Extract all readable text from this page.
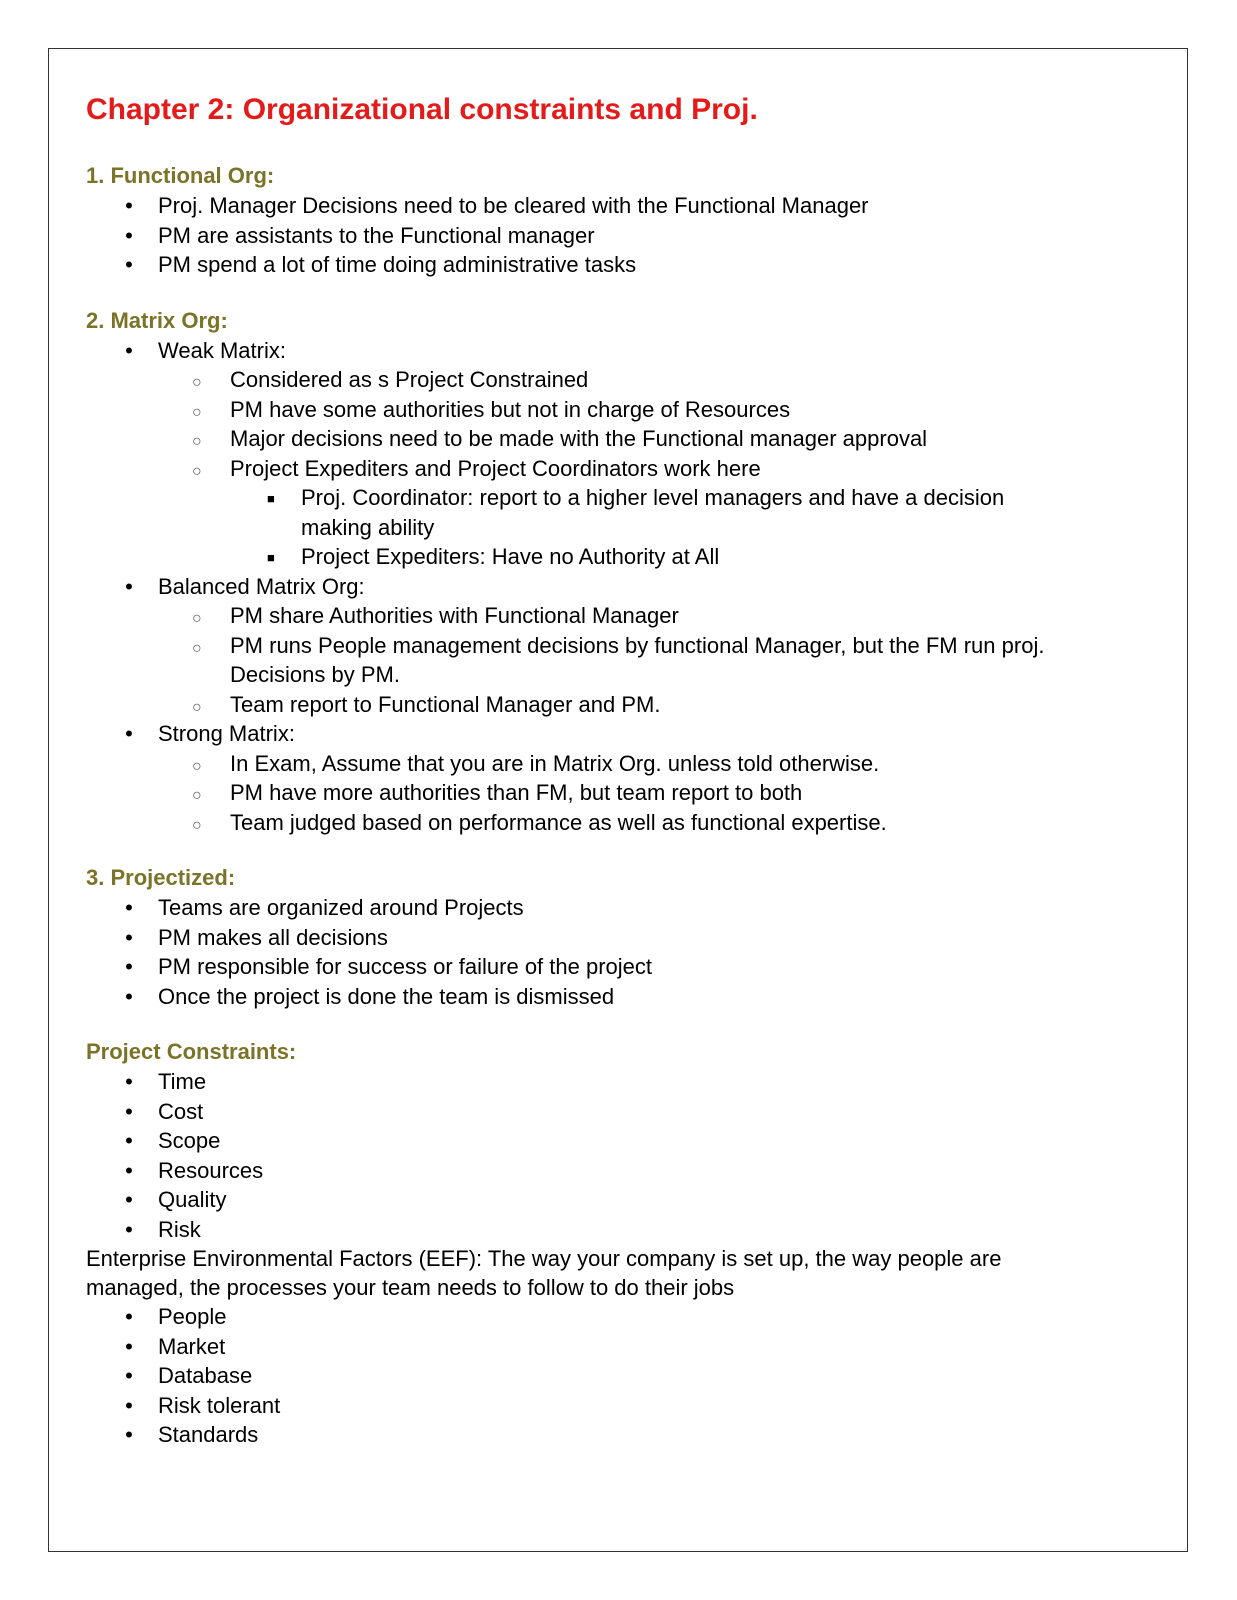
Chapter 2: Organizational constraints and Proj.
1. Functional Org:
• Proj. Manager Decisions need to be cleared with the Functional Manager
• PM are assistants to the Functional manager
• PM spend a lot of time doing administrative tasks
2. Matrix Org:
• Weak Matrix:
○ Considered as s Project Constrained
○ PM have some authorities but not in charge of Resources
○ Major decisions need to be made with the Functional manager approval
○ Project Expediters and Project Coordinators work here
■ Proj. Coordinator: report to a higher level managers and have a decision making ability
■ Project Expediters: Have no Authority at All
• Balanced Matrix Org:
○ PM share Authorities with Functional Manager
○ PM runs People management decisions by functional Manager, but the FM run proj. Decisions by PM.
○ Team report to Functional Manager and PM.
• Strong Matrix:
○ In Exam, Assume that you are in Matrix Org. unless told otherwise.
○ PM have more authorities than FM, but team report to both
○ Team judged based on performance as well as functional expertise.
3. Projectized:
• Teams are organized around Projects
• PM makes all decisions
• PM responsible for success or failure of the project
• Once the project is done the team is dismissed
Project Constraints:
• Time
• Cost
• Scope
• Resources
• Quality
• Risk

Enterprise Environmental Factors (EEF): The way your company is set up, the way people are managed, the processes your team needs to follow to do their jobs

• People
• Market
• Database
• Risk tolerant
• Standards
